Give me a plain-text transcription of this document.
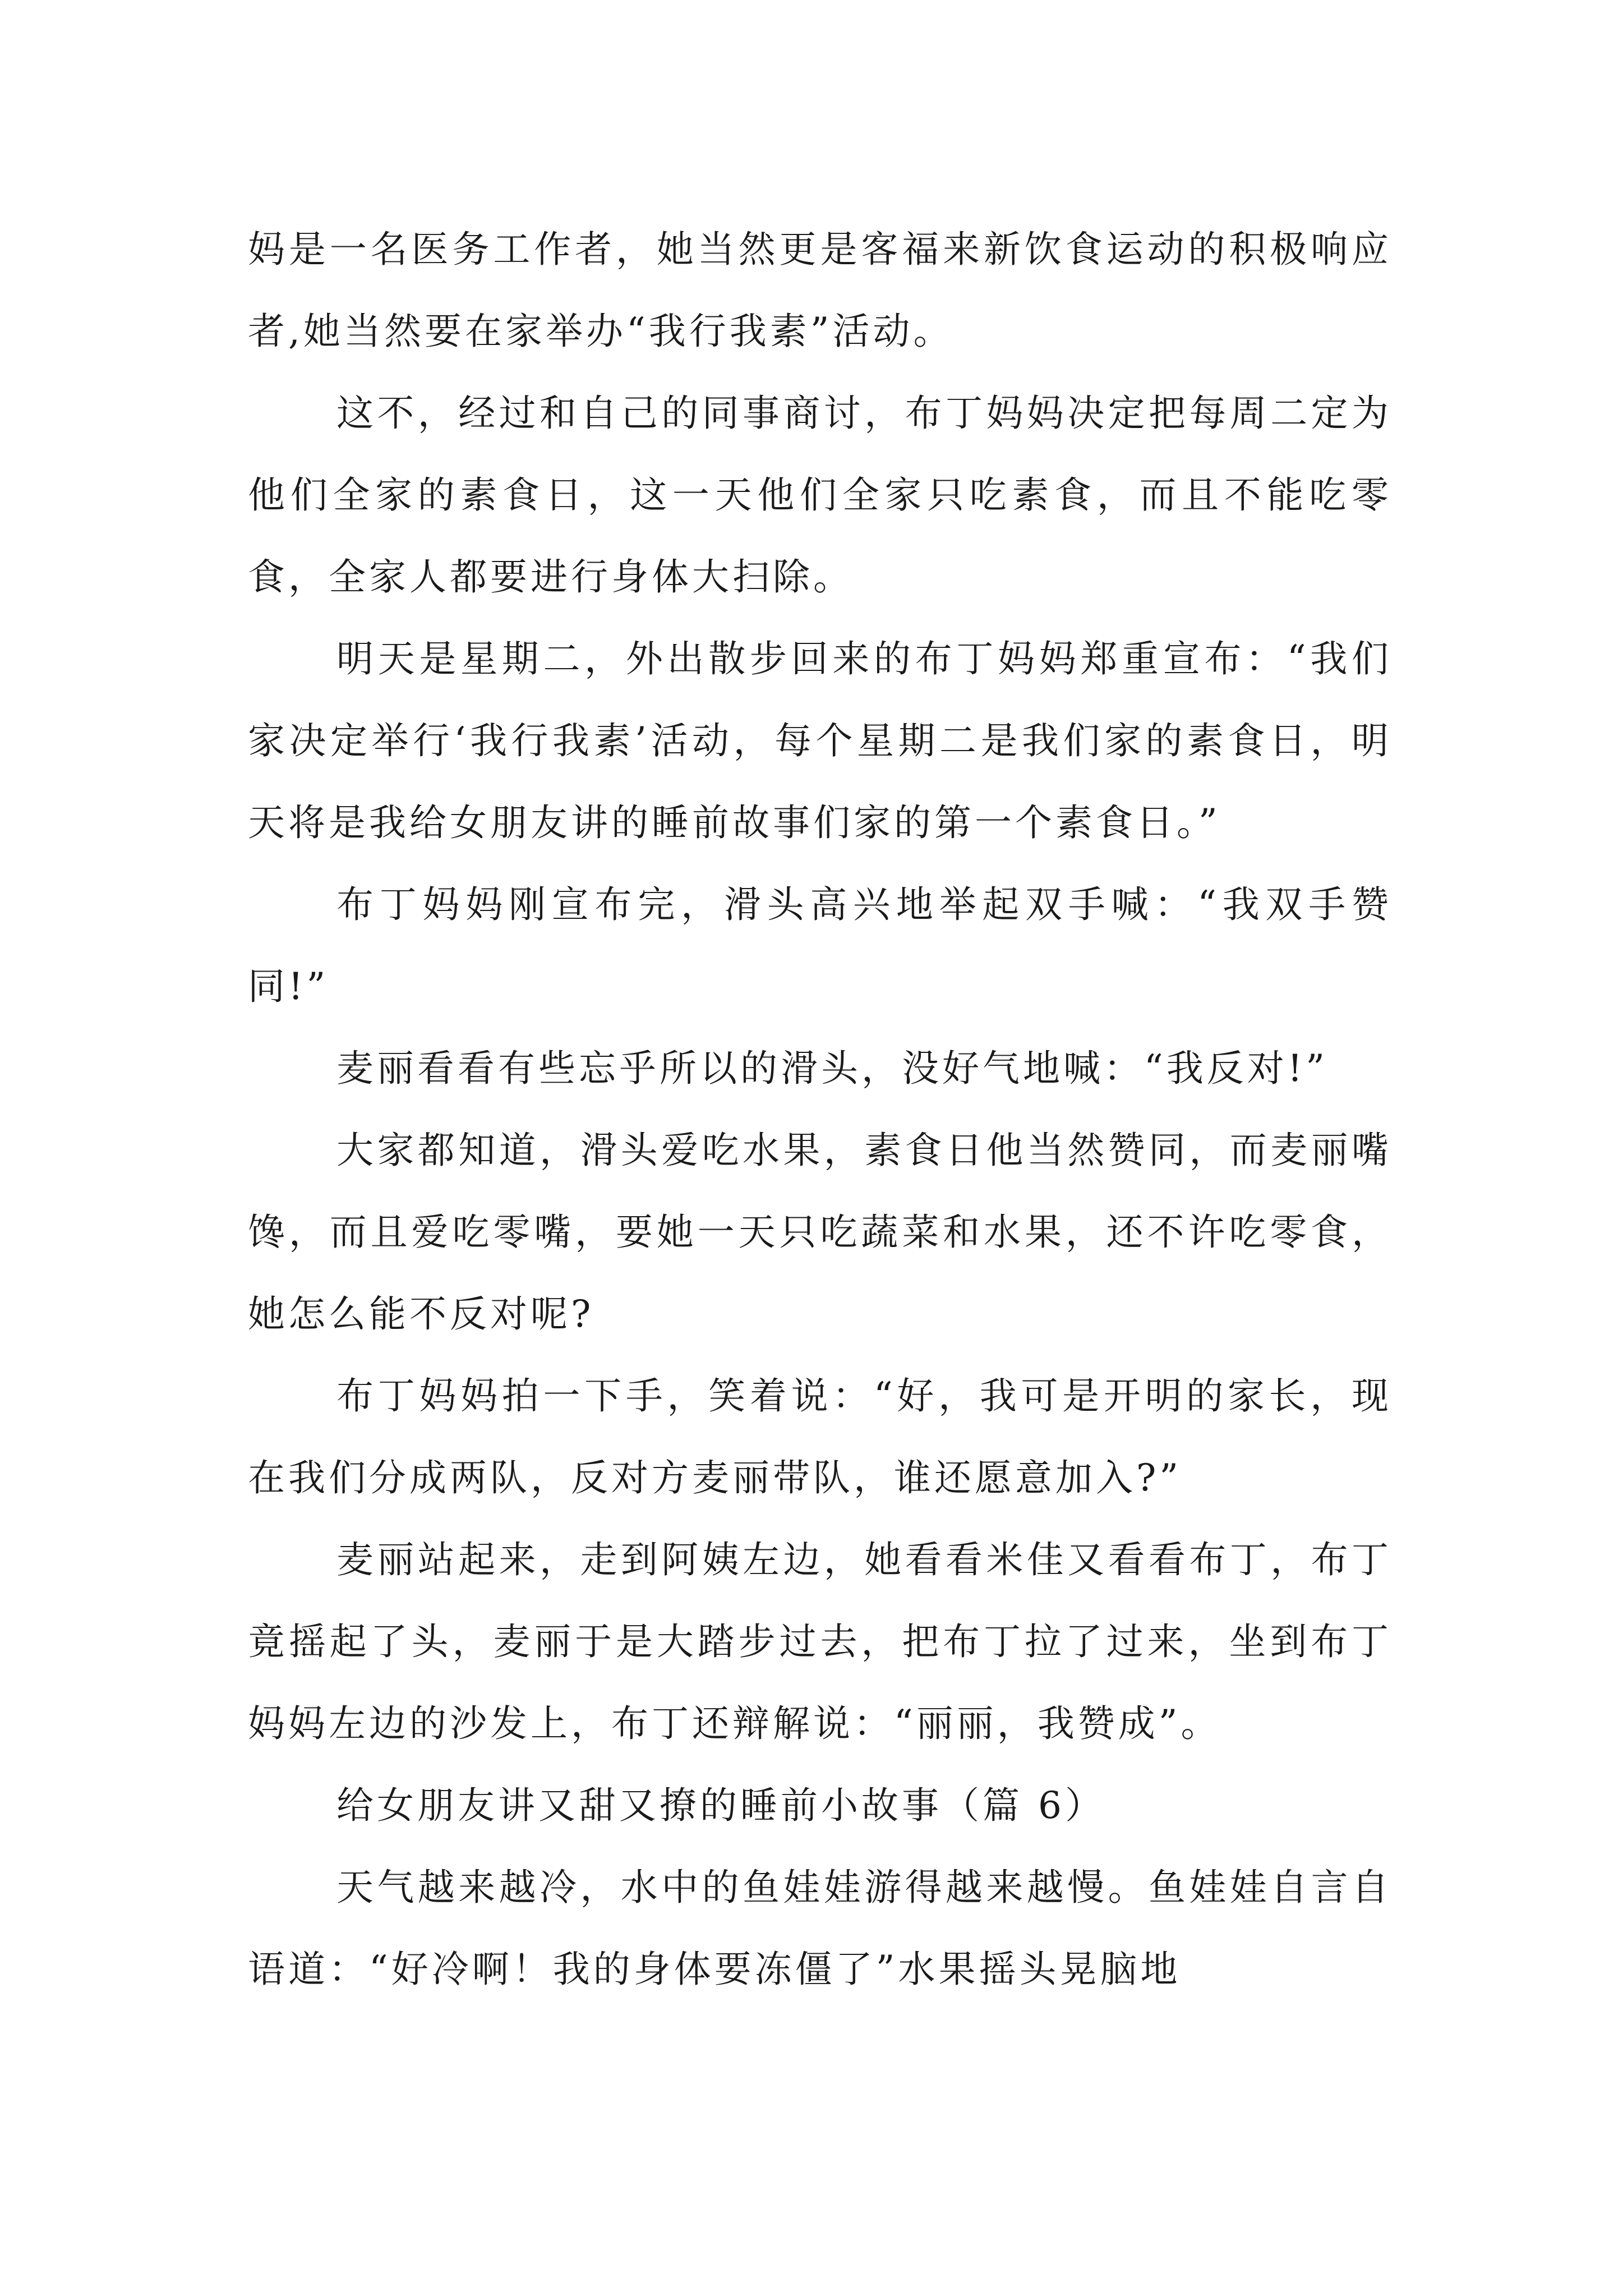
妈是一名医务工作者，她当然更是客福来新饮食运动的积极响应者,她当然要在家举办“我行我素”活动。

这不，经过和自己的同事商讨，布丁妈妈决定把每周二定为他们全家的素食日，这一天他们全家只吃素食，而且不能吃零食，全家人都要进行身体大扫除。

明天是星期二，外出散步回来的布丁妈妈郑重宣布：“我们家决定举行‘我行我素’活动，每个星期二是我们家的素食日，明天将是我给女朋友讲的睡前故事们家的第一个素食日。”

布丁妈妈刚宣布完，滑头高兴地举起双手喊：“我双手赞同!”

麦丽看看有些忘乎所以的滑头，没好气地喊：“我反对!”

大家都知道，滑头爱吃水果，素食日他当然赞同，而麦丽嘴馋，而且爱吃零嘴，要她一天只吃蔬菜和水果，还不许吃零食，她怎么能不反对呢?

布丁妈妈拍一下手，笑着说：“好，我可是开明的家长，现在我们分成两队，反对方麦丽带队，谁还愿意加入?”

麦丽站起来，走到阿姨左边，她看看米佳又看看布丁，布丁竟摇起了头，麦丽于是大踏步过去，把布丁拉了过来，坐到布丁妈妈左边的沙发上，布丁还辩解说：“丽丽，我赞成”。

给女朋友讲又甜又撩的睡前小故事（篇 6）

天气越来越冷，水中的鱼娃娃游得越来越慢。鱼娃娃自言自语道：“好冷啊！我的身体要冻僵了”水果摇头晃脑地
